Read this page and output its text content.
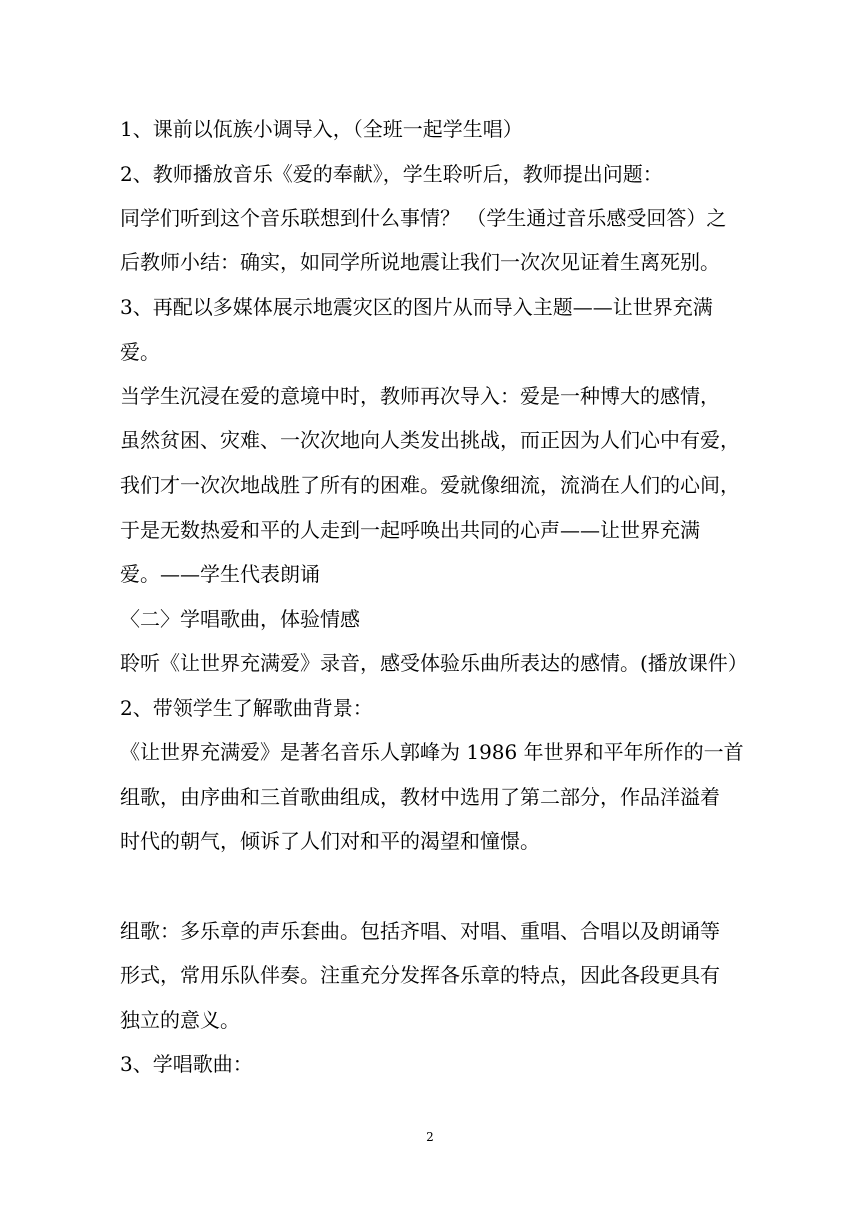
1、课前以佤族小调导入，（全班一起学生唱）
2、教师播放音乐《爱的奉献》，学生聆听后，教师提出问题：
同学们听到这个音乐联想到什么事情？ （学生通过音乐感受回答）之
后教师小结：确实，如同学所说地震让我们一次次见证着生离死别。
3、再配以多媒体展示地震灾区的图片从而导入主题——让世界充满
爱。
当学生沉浸在爱的意境中时，教师再次导入：爱是一种博大的感情，
虽然贫困、灾难、一次次地向人类发出挑战，而正因为人们心中有爱，
我们才一次次地战胜了所有的困难。爱就像细流，流淌在人们的心间，
于是无数热爱和平的人走到一起呼唤出共同的心声——让世界充满
爱。——学生代表朗诵
〈二〉学唱歌曲，体验情感
聆听《让世界充满爱》录音，感受体验乐曲所表达的感情。(播放课件）
2、带领学生了解歌曲背景：
《让世界充满爱》是著名音乐人郭峰为 1986 年世界和平年所作的一首
组歌，由序曲和三首歌曲组成，教材中选用了第二部分，作品洋溢着
时代的朝气，倾诉了人们对和平的渴望和憧憬。
组歌：多乐章的声乐套曲。包括齐唱、对唱、重唱、合唱以及朗诵等
形式，常用乐队伴奏。注重充分发挥各乐章的特点，因此各段更具有
独立的意义。
3、学唱歌曲：
2
